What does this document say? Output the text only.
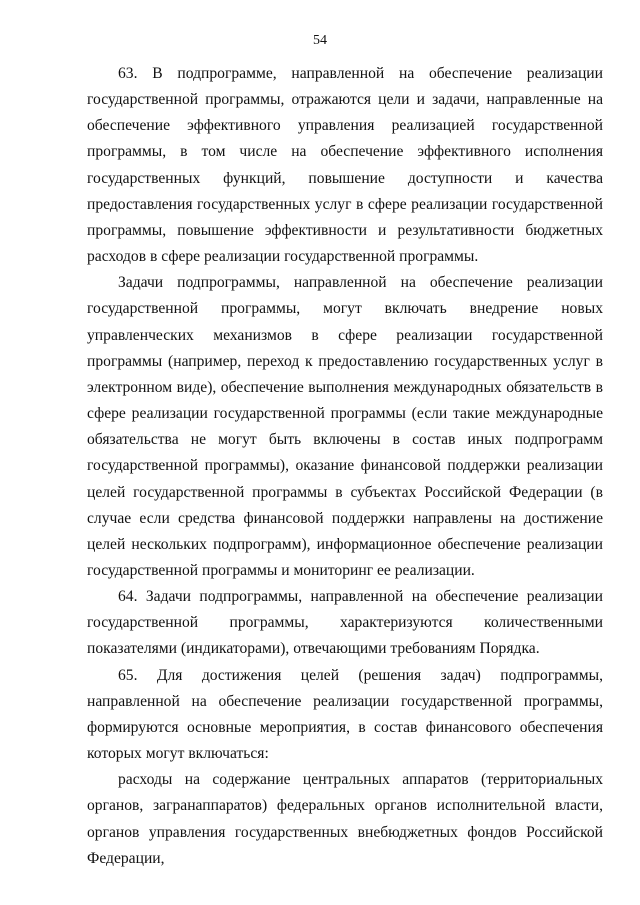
54

63. В подпрограмме, направленной на обеспечение реализации государственной программы, отражаются цели и задачи, направленные на обеспечение эффективного управления реализацией государственной программы, в том числе на обеспечение эффективного исполнения государственных функций, повышение доступности и качества предоставления государственных услуг в сфере реализации государственной программы, повышение эффективности и результативности бюджетных расходов в сфере реализации государственной программы.

Задачи подпрограммы, направленной на обеспечение реализации государственной программы, могут включать внедрение новых управленческих механизмов в сфере реализации государственной программы (например, переход к предоставлению государственных услуг в электронном виде), обеспечение выполнения международных обязательств в сфере реализации государственной программы (если такие международные обязательства не могут быть включены в состав иных подпрограмм государственной программы), оказание финансовой поддержки реализации целей государственной программы в субъектах Российской Федерации (в случае если средства финансовой поддержки направлены на достижение целей нескольких подпрограмм), информационное обеспечение реализации государственной программы и мониторинг ее реализации.

64. Задачи подпрограммы, направленной на обеспечение реализации государственной программы, характеризуются количественными показателями (индикаторами), отвечающими требованиям Порядка.

65. Для достижения целей (решения задач) подпрограммы, направленной на обеспечение реализации государственной программы, формируются основные мероприятия, в состав финансового обеспечения которых могут включаться:

расходы на содержание центральных аппаратов (территориальных органов, загранаппаратов) федеральных органов исполнительной власти, органов управления государственных внебюджетных фондов Российской Федерации,
